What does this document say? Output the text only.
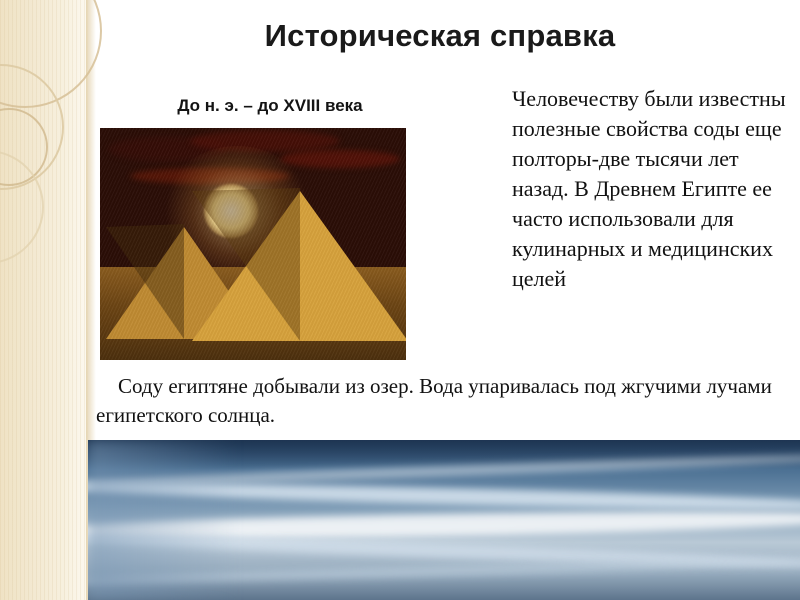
Историческая справка
До н. э. – до XVIII века	Человечеству были известны полезные свойства соды еще полторы-две тысячи лет назад. В Древнем Египте ее часто использовали для кулинарных и медицинских целей
Соду египтяне добывали из озер. Вода упаривалась под жгучими лучами египетского солнца.
